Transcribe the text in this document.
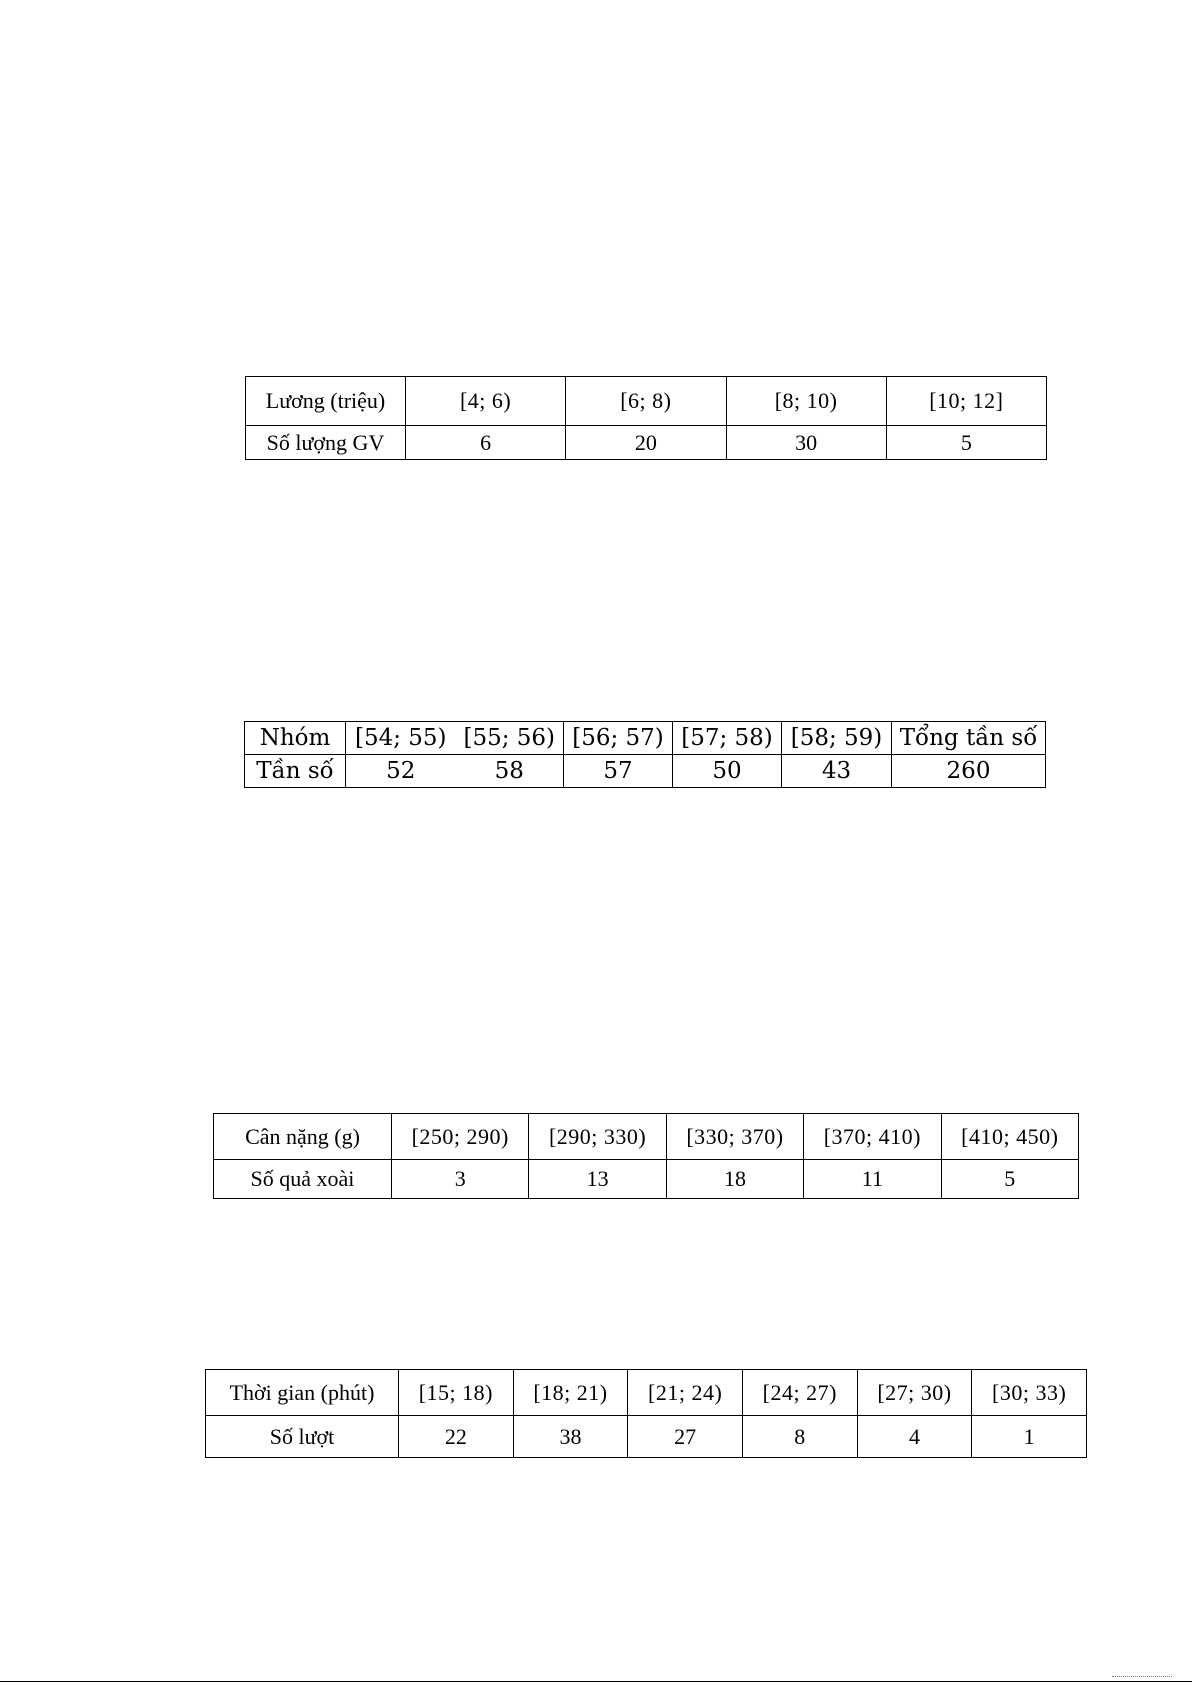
Lương (triệu)	[4; 6)	[6; 8)	[8; 10)	[10; 12]
Số lượng GV	6	20	30	5
Nhóm	[54; 55)	[55; 56)	[56; 57)	[57; 58)	[58; 59)	Tổng tần số
Tần số	52	58	57	50	43	260
Cân nặng (g)	[250; 290)	[290; 330)	[330; 370)	[370; 410)	[410; 450)
Số quả xoài	3	13	18	11	5
Thời gian (phút)	[15; 18)	[18; 21)	[21; 24)	[24; 27)	[27; 30)	[30; 33)
Số lượt	22	38	27	8	4	1
